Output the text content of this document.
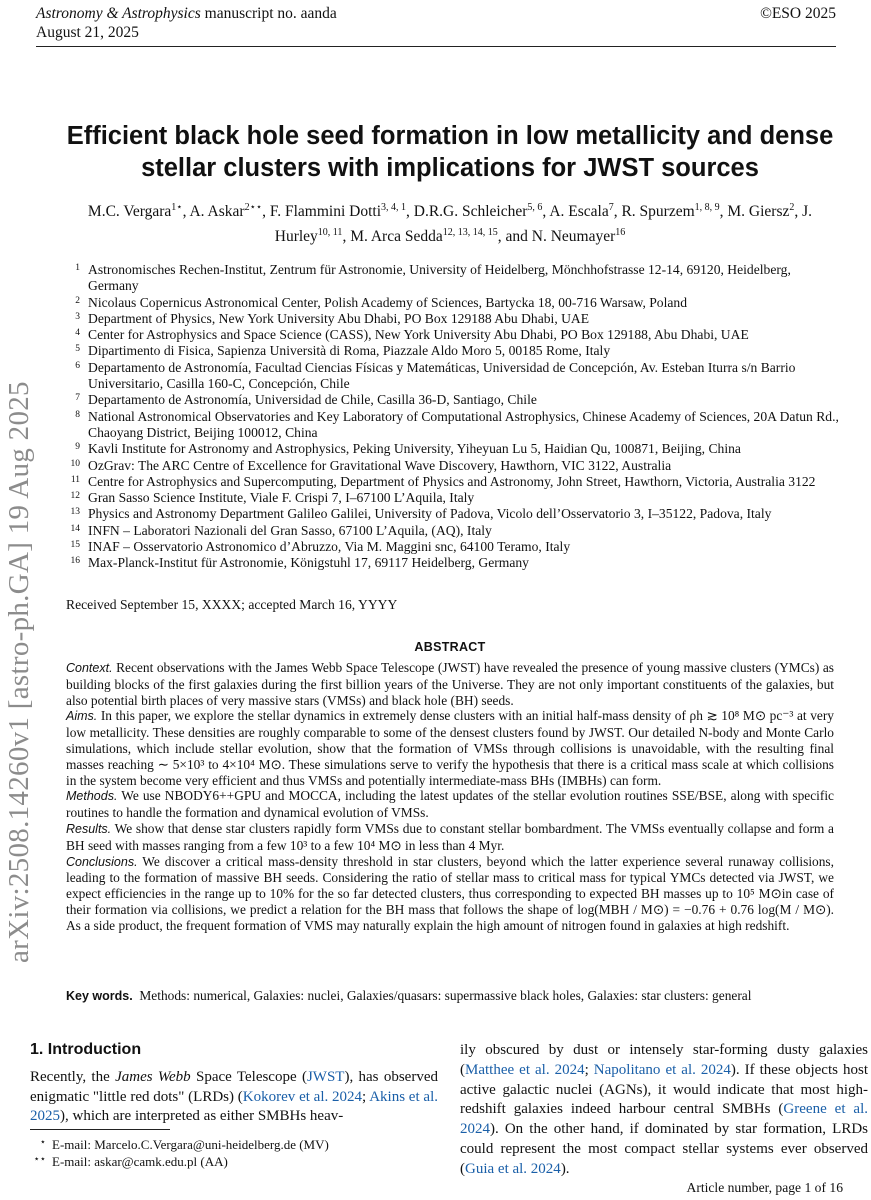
Astronomy & Astrophysics manuscript no. aanda
August 21, 2025
©ESO 2025
arXiv:2508.14260v1 [astro-ph.GA] 19 Aug 2025
Efficient black hole seed formation in low metallicity and dense stellar clusters with implications for JWST sources
M.C. Vergara$^{1⋆}$, A. Askar$^{2⋆⋆}$, F. Flammini Dotti$^{3, 4, 1}$, D.R.G. Schleicher$^{5, 6}$, A. Escala$^7$, R. Spurzem$^{1, 8, 9}$, M. Giersz$^2$, J. Hurley$^{10, 11}$, M. Arca Sedda$^{12, 13, 14, 15}$, and N. Neumayer$^{16}$
1 Astronomisches Rechen-Institut, Zentrum für Astronomie, University of Heidelberg, Mönchhofstrasse 12-14, 69120, Heidelberg, Germany
2 Nicolaus Copernicus Astronomical Center, Polish Academy of Sciences, Bartycka 18, 00-716 Warsaw, Poland
3 Department of Physics, New York University Abu Dhabi, PO Box 129188 Abu Dhabi, UAE
4 Center for Astrophysics and Space Science (CASS), New York University Abu Dhabi, PO Box 129188, Abu Dhabi, UAE
5 Dipartimento di Fisica, Sapienza Università di Roma, Piazzale Aldo Moro 5, 00185 Rome, Italy
6 Departamento de Astronomía, Facultad Ciencias Físicas y Matemáticas, Universidad de Concepción, Av. Esteban Iturra s/n Barrio Universitario, Casilla 160-C, Concepción, Chile
7 Departamento de Astronomía, Universidad de Chile, Casilla 36-D, Santiago, Chile
8 National Astronomical Observatories and Key Laboratory of Computational Astrophysics, Chinese Academy of Sciences, 20A Datun Rd., Chaoyang District, Beijing 100012, China
9 Kavli Institute for Astronomy and Astrophysics, Peking University, Yiheyuan Lu 5, Haidian Qu, 100871, Beijing, China
10 OzGrav: The ARC Centre of Excellence for Gravitational Wave Discovery, Hawthorn, VIC 3122, Australia
11 Centre for Astrophysics and Supercomputing, Department of Physics and Astronomy, John Street, Hawthorn, Victoria, Australia 3122
12 Gran Sasso Science Institute, Viale F. Crispi 7, I–67100 L’Aquila, Italy
13 Physics and Astronomy Department Galileo Galilei, University of Padova, Vicolo dell’Osservatorio 3, I–35122, Padova, Italy
14 INFN – Laboratori Nazionali del Gran Sasso, 67100 L’Aquila, (AQ), Italy
15 INAF – Osservatorio Astronomico d’Abruzzo, Via M. Maggini snc, 64100 Teramo, Italy
16 Max-Planck-Institut für Astronomie, Königstuhl 17, 69117 Heidelberg, Germany
Received September 15, XXXX; accepted March 16, YYYY
ABSTRACT

Context. Recent observations with the James Webb Space Telescope (JWST) have revealed the presence of young massive clusters (YMCs) as building blocks of the first galaxies during the first billion years of the Universe. They are not only important constituents of the galaxies, but also potential birth places of very massive stars (VMSs) and black hole (BH) seeds.

Aims. In this paper, we explore the stellar dynamics in extremely dense clusters with an initial half-mass density of ρh ≳ 10⁸ M⊙ pc⁻³ at very low metallicity. These densities are roughly comparable to some of the densest clusters found by JWST. Our detailed N-body and Monte Carlo simulations, which include stellar evolution, show that the formation of VMSs through collisions is unavoidable, with the resulting final masses reaching ∼ 5×10³ to 4×10⁴ M⊙. These simulations serve to verify the hypothesis that there is a critical mass scale at which collisions in the system become very efficient and thus VMSs and potentially intermediate-mass BHs (IMBHs) can form.

Methods. We use NBODY6++GPU and MOCCA, including the latest updates of the stellar evolution routines SSE/BSE, along with specific routines to handle the formation and dynamical evolution of VMSs.

Results. We show that dense star clusters rapidly form VMSs due to constant stellar bombardment. The VMSs eventually collapse and form a BH seed with masses ranging from a few 10³ to a few 10⁴ M⊙ in less than 4 Myr.

Conclusions. We discover a critical mass-density threshold in star clusters, beyond which the latter experience several runaway collisions, leading to the formation of massive BH seeds. Considering the ratio of stellar mass to critical mass for typical YMCs detected via JWST, we expect efficiencies in the range up to 10% for the so far detected clusters, thus corresponding to expected BH masses up to 10⁵ M⊙in case of their formation via collisions, we predict a relation for the BH mass that follows the shape of log(MBH / M⊙) = −0.76 + 0.76 log(M / M⊙). As a side product, the frequent formation of VMS may naturally explain the high amount of nitrogen found in galaxies at high redshift.

Key words. Methods: numerical, Galaxies: nuclei, Galaxies/quasars: supermassive black holes, Galaxies: star clusters: general
1. Introduction

Recently, the James Webb Space Telescope (JWST), has observed enigmatic "little red dots" (LRDs) (Kokorev et al. 2024; Akins et al. 2025), which are interpreted as either SMBHs heav-

ily obscured by dust or intensely star-forming dusty galaxies (Matthee et al. 2024; Napolitano et al. 2024). If these objects host active galactic nuclei (AGNs), it would indicate that most high-redshift galaxies indeed harbour central SMBHs (Greene et al. 2024). On the other hand, if dominated by star formation, LRDs could represent the most compact stellar systems ever observed (Guia et al. 2024).

⋆ E-mail: Marcelo.C.Vergara@uni-heidelberg.de (MV)
⋆⋆ E-mail: askar@camk.edu.pl (AA)
Article number, page 1 of 16
